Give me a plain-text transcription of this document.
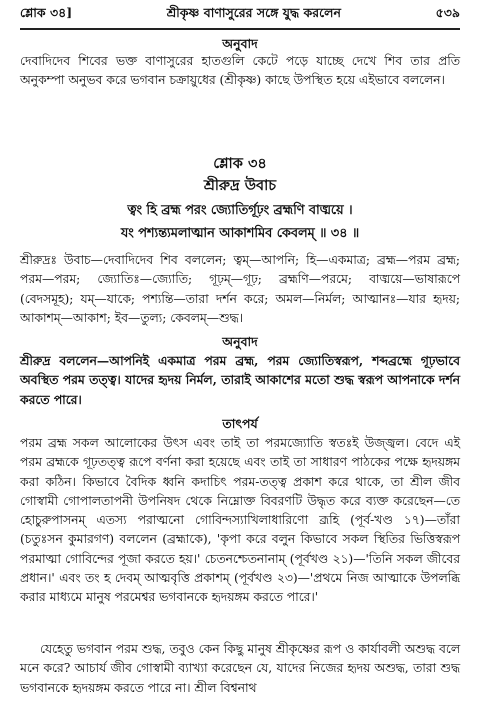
শ্লোক ৩৪]	শ্রীকৃষ্ণ বাণাসুরের সঙ্গে যুদ্ধ করলেন	৫৩৯
অনুবাদ

দেবাদিদেব শিবের ভক্ত বাণাসুরের হাতগুলি কেটে পড়ে যাচ্ছে দেখে শিব তার প্রতি অনুকম্পা অনুভব করে ভগবান চক্রায়ুধের (শ্রীকৃষ্ণ) কাছে উপস্থিত হয়ে এইভাবে বললেন।

শ্লোক ৩৪
শ্রীরুদ্র উবাচ
ত্বং হি ব্রহ্ম পরং জ্যোতির্গূঢ়ং ব্রহ্মণি বাঙ্ময়ে ।
যং পশ্যন্ত্যমলাত্মান আকাশমিব কেবলম্‌ ॥ ৩৪ ॥

শ্রীরুদ্রঃ উবাচ—দেবাদিদেব শিব বললেন; ত্বম্‌—আপনি; হি—একমাত্র; ব্রহ্ম—পরম ব্রহ্ম; পরম—পরম; জ্যোতিঃ—জ্যোতি; গূঢ়ম্‌—গূঢ়; ব্রহ্মণি—পরমে; বাঙ্ময়ে—ভাষারূপে (বেদসমূহ); যম্‌—যাকে; পশ্যন্তি—তারা দর্শন করে; অমল—নির্মল; আত্মানঃ—যার হৃদয়; আকাশম্‌—আকাশ; ইব—তুল্য; কেবলম্‌—শুদ্ধ।

অনুবাদ

শ্রীরুদ্র বললেন—আপনিই একমাত্র পরম ব্রহ্ম, পরম জ্যোতিস্বরূপ, শব্দব্রহ্মে গূঢ়ভাবে অবস্থিত পরম তত্ত্ব। যাদের হৃদয় নির্মল, তারাই আকাশের মতো শুদ্ধ স্বরূপ আপনাকে দর্শন করতে পারে।

তাৎপর্য

পরম ব্রহ্ম সকল আলোকের উৎস এবং তাই তা পরমজ্যোতি স্বতঃই উজ্জ্বল। বেদে এই পরম ব্রহ্মকে গূঢ়তত্ত্ব রূপে বর্ণনা করা হয়েছে এবং তাই তা সাধারণ পাঠকের পক্ষে হৃদয়ঙ্গম করা কঠিন। কিভাবে বৈদিক ধ্বনি কদাচিৎ পরম-তত্ত্ব প্রকাশ করে থাকে, তা শ্রীল জীব গোস্বামী গোপালতাপনী উপনিষদ থেকে নিম্নোক্ত বিবরণটি উদ্ধৃত করে ব্যক্ত করেছেন—তে হোচুরুপাসনম্‌ এতস্য পরাত্মনো গোবিন্দস্যাখিলাধারিণো ব্রূহি (পূর্ব-খণ্ড ১৭)—তাঁরা (চতুঃসন কুমারগণ) বললেন (ব্রহ্মাকে), 'কৃপা করে বলুন কিভাবে সকল স্থিতির ভিত্তিস্বরূপ পরমাত্মা গোবিন্দের পূজা করতে হয়।' চেতনশ্চেতনানাম্‌ (পূর্বখণ্ড ২১)—'তিনি সকল জীবের প্রধান।' এবং তং হ দেবম্‌ আত্মবৃত্তি প্রকাশম্‌ (পূর্বখণ্ড ২৩)—'প্রথমে নিজ আত্মাকে উপলব্ধি করার মাধ্যমে মানুষ পরমেশ্বর ভগবানকে হৃদয়ঙ্গম করতে পারে।'

যেহেতু ভগবান পরম শুদ্ধ, তবুও কেন কিছু মানুষ শ্রীকৃষ্ণের রূপ ও কার্যাবলী অশুদ্ধ বলে মনে করে? আচার্য জীব গোস্বামী ব্যাখ্যা করেছেন যে, যাদের নিজের হৃদয় অশুদ্ধ, তারা শুদ্ধ ভগবানকে হৃদয়ঙ্গম করতে পারে না। শ্রীল বিশ্বনাথ
